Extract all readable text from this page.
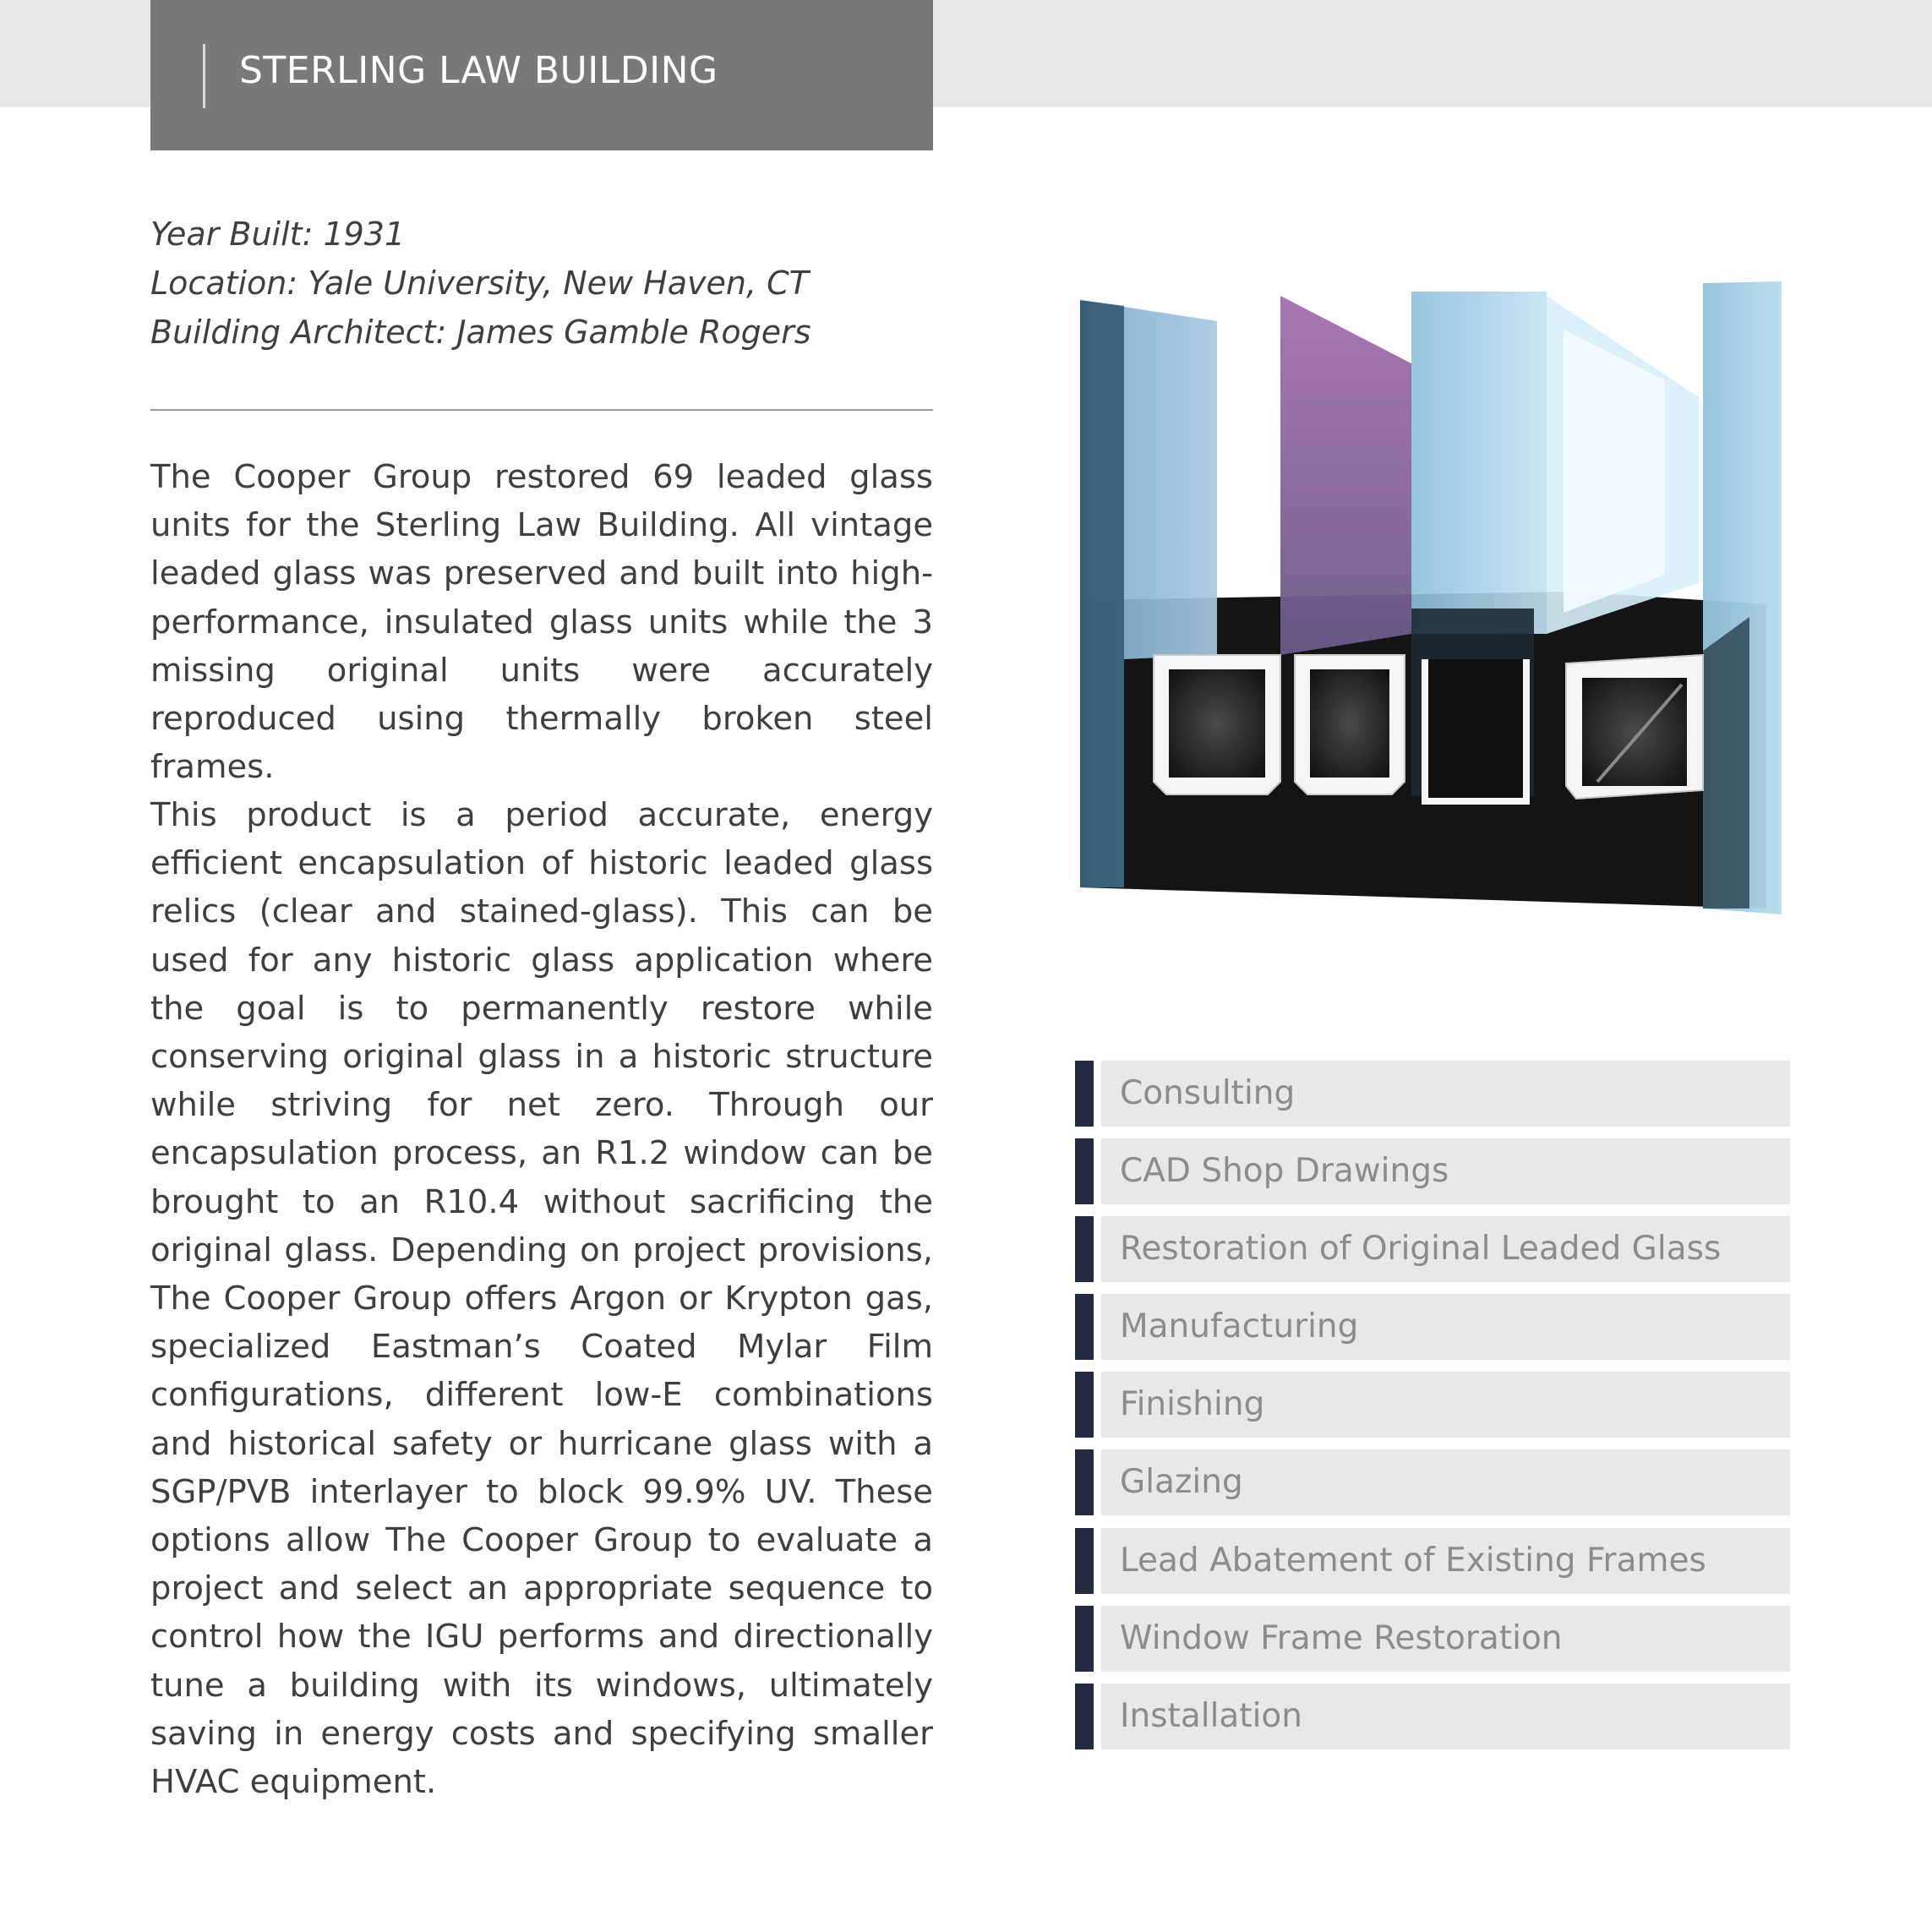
STERLING LAW BUILDING
Year Built: 1931
Location: Yale University, New Haven, CT
Building Architect: James Gamble Rogers

The Cooper Group restored 69 leaded glass units for the Sterling Law Building. All vintage leaded glass was preserved and built into high-performance, insulated glass units while the 3 missing original units were accurately reproduced using thermally broken steel frames.

This product is a period accurate, energy efficient encapsulation of historic leaded glass relics (clear and stained-glass). This can be used for any historic glass application where the goal is to permanently restore while conserving original glass in a historic structure while striving for net zero. Through our encapsulation process, an R1.2 window can be brought to an R10.4 without sacrificing the original glass. Depending on project provisions, The Cooper Group offers Argon or Krypton gas, specialized Eastman’s Coated Mylar Film configurations, different low-E combinations and historical safety or hurricane glass with a SGP/PVB interlayer to block 99.9% UV. These options allow The Cooper Group to evaluate a project and select an appropriate sequence to control how the IGU performs and directionally tune a building with its windows, ultimately saving in energy costs and specifying smaller HVAC equipment.

Consulting
CAD Shop Drawings
Restoration of Original Leaded Glass
Manufacturing
Finishing
Glazing
Lead Abatement of Existing Frames
Window Frame Restoration
Installation
